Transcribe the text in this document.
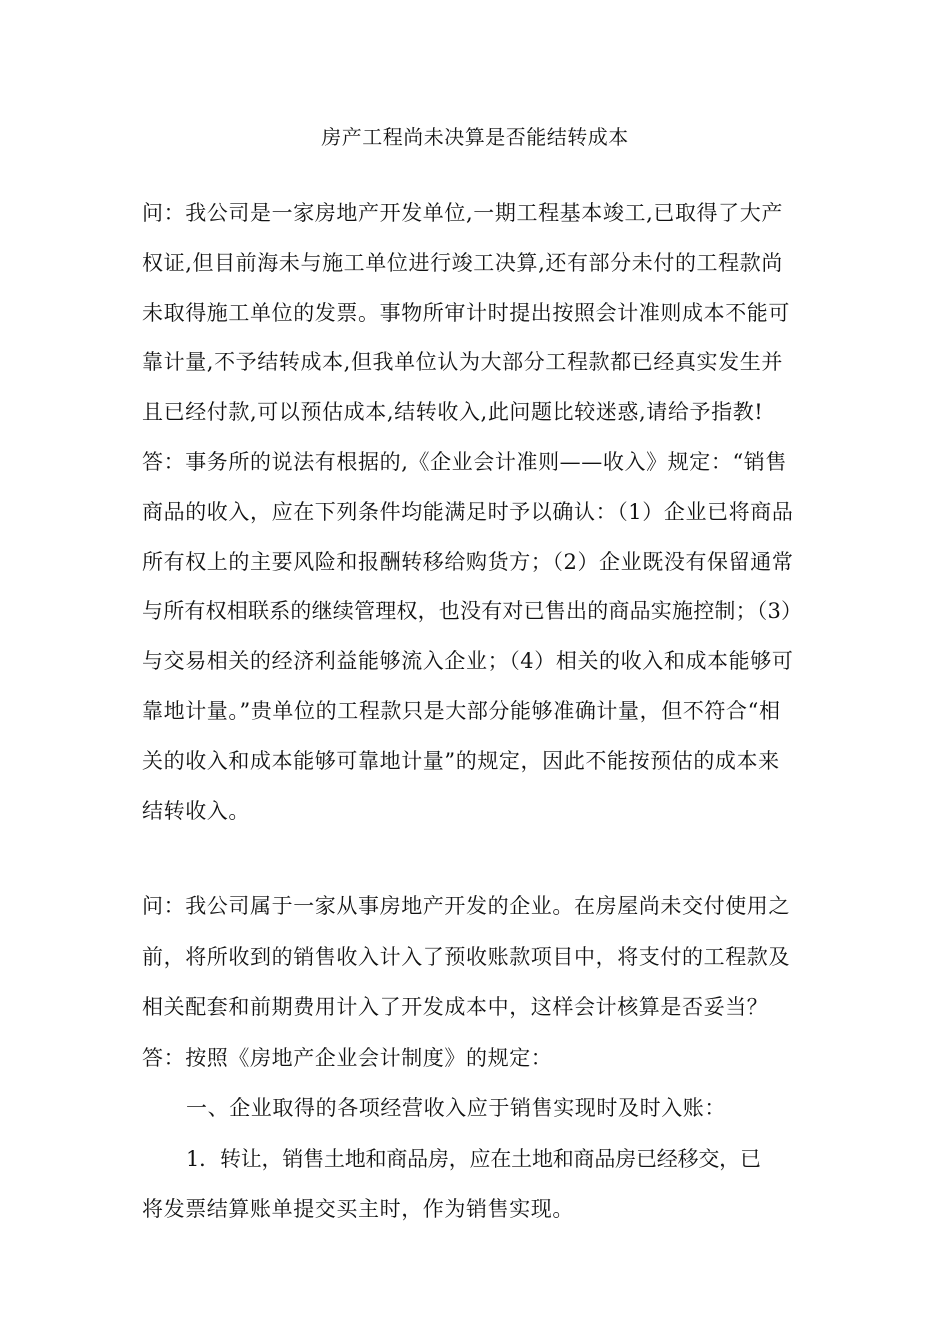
房产工程尚未决算是否能结转成本
问：我公司是一家房地产开发单位,一期工程基本竣工,已取得了大产
权证,但目前海未与施工单位进行竣工决算,还有部分未付的工程款尚
未取得施工单位的发票。事物所审计时提出按照会计准则成本不能可
靠计量,不予结转成本,但我单位认为大部分工程款都已经真实发生并
且已经付款,可以预估成本,结转收入,此问题比较迷惑,请给予指教!
答：事务所的说法有根据的,《企业会计准则——收入》规定：“销售
商品的收入，应在下列条件均能满足时予以确认：（1）企业已将商品
所有权上的主要风险和报酬转移给购货方；（2）企业既没有保留通常
与所有权相联系的继续管理权，也没有对已售出的商品实施控制；（3）
与交易相关的经济利益能够流入企业；（4）相关的收入和成本能够可
靠地计量。”贵单位的工程款只是大部分能够准确计量，但不符合“相
关的收入和成本能够可靠地计量”的规定，因此不能按预估的成本来
结转收入。
问：我公司属于一家从事房地产开发的企业。在房屋尚未交付使用之
前，将所收到的销售收入计入了预收账款项目中，将支付的工程款及
相关配套和前期费用计入了开发成本中，这样会计核算是否妥当？
答：按照《房地产企业会计制度》的规定：
一、企业取得的各项经营收入应于销售实现时及时入账：
1．转让，销售土地和商品房，应在土地和商品房已经移交，已
将发票结算账单提交买主时，作为销售实现。
